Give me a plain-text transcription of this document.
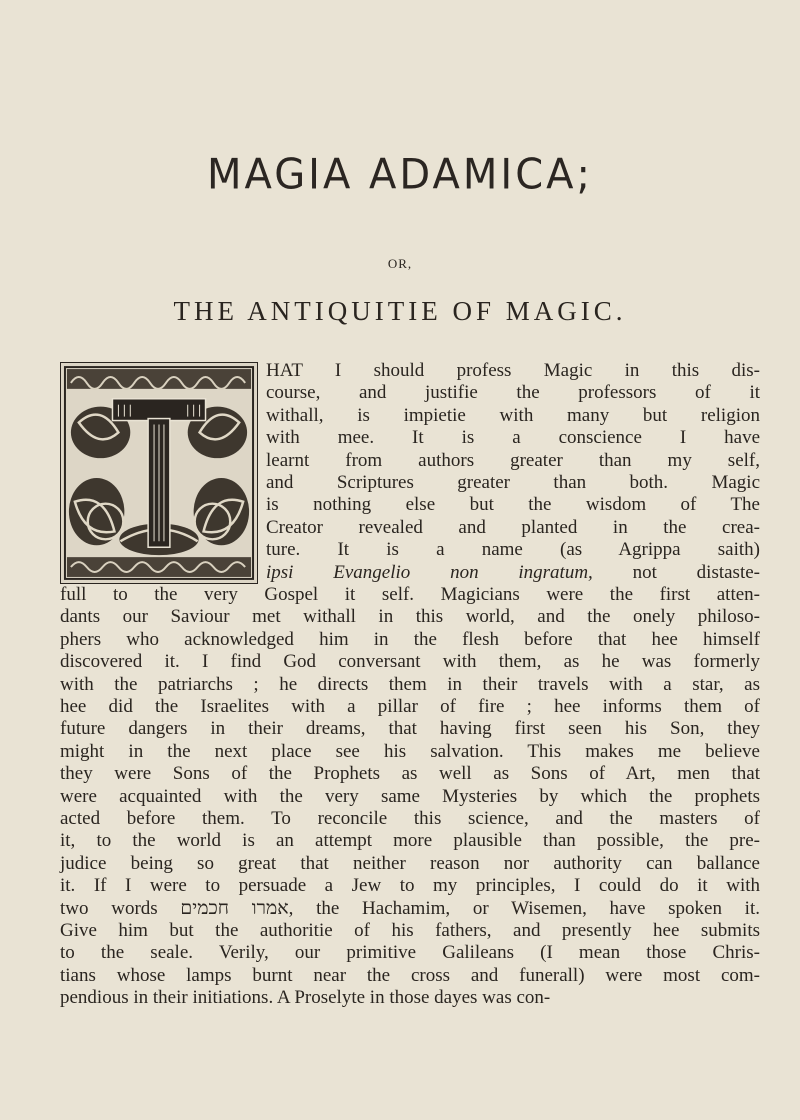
MAGIA ADAMICA;
OR,
THE ANTIQUITIE OF MAGIC.
HAT I should profess Magic in this dis-
course, and justifie the professors of it
withall, is impietie with many but religion
with mee. It is a conscience I have
learnt from authors greater than my self,
and Scriptures greater than both. Magic
is nothing else but the wisdom of The
Creator revealed and planted in the crea-
ture. It is a name (as Agrippa saith)
ipsi Evangelio non ingratum, not distaste-
full to the very Gospel it self. Magicians were the first atten-
dants our Saviour met withall in this world, and the onely philoso-
phers who acknowledged him in the flesh before that hee himself
discovered it. I find God conversant with them, as he was formerly
with the patriarchs ; he directs them in their travels with a star, as
hee did the Israelites with a pillar of fire ; hee informs them of
future dangers in their dreams, that having first seen his Son, they
might in the next place see his salvation. This makes me believe
they were Sons of the Prophets as well as Sons of Art, men that
were acquainted with the very same Mysteries by which the prophets
acted before them. To reconcile this science, and the masters of
it, to the world is an attempt more plausible than possible, the pre-
judice being so great that neither reason nor authority can ballance
it. If I were to persuade a Jew to my principles, I could do it with
two words אמרו חכמים, the Hachamim, or Wisemen, have spoken it.
Give him but the authoritie of his fathers, and presently hee submits
to the seale. Verily, our primitive Galileans (I mean those Chris-
tians whose lamps burnt near the cross and funerall) were most com-
pendious in their initiations. A Proselyte in those dayes was con-
